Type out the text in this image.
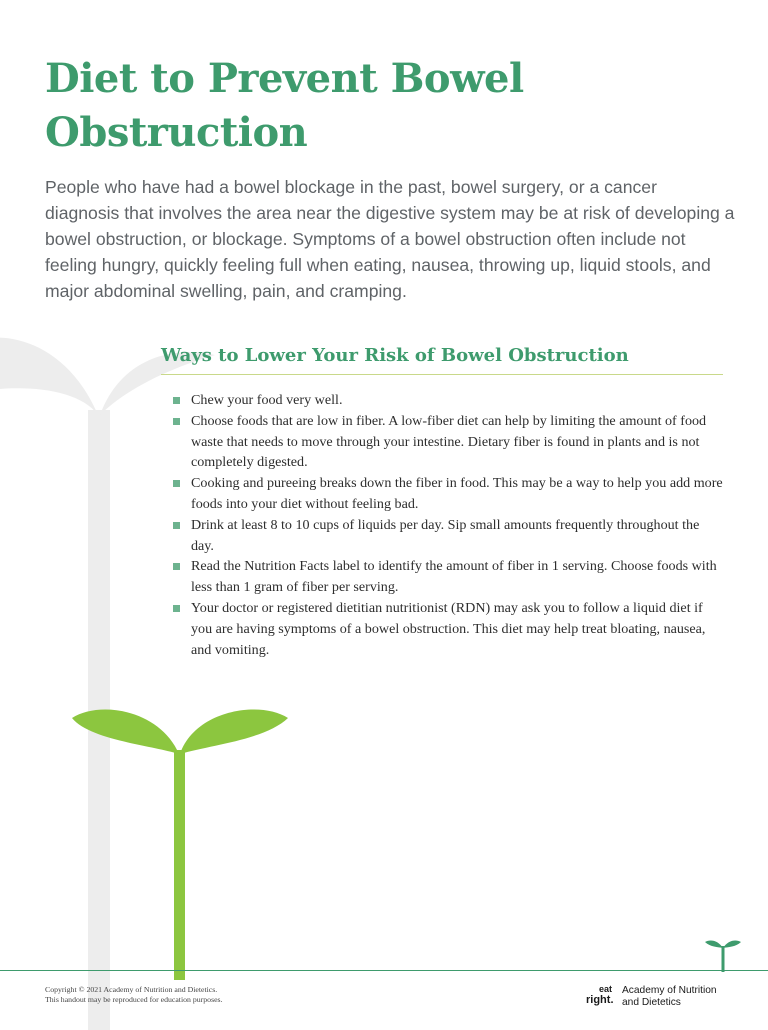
Diet to Prevent Bowel Obstruction

People who have had a bowel blockage in the past, bowel surgery, or a cancer diagnosis that involves the area near the digestive system may be at risk of developing a bowel obstruction, or blockage. Symptoms of a bowel obstruction often include not feeling hungry, quickly feeling full when eating, nausea, throwing up, liquid stools, and major abdominal swelling, pain, and cramping.

Ways to Lower Your Risk of Bowel Obstruction
Chew your food very well.
Choose foods that are low in fiber. A low-fiber diet can help by limiting the amount of food waste that needs to move through your intestine. Dietary fiber is found in plants and is not completely digested.
Cooking and pureeing breaks down the fiber in food. This may be a way to help you add more foods into your diet without feeling bad.
Drink at least 8 to 10 cups of liquids per day. Sip small amounts frequently throughout the day.
Read the Nutrition Facts label to identify the amount of fiber in 1 serving. Choose foods with less than 1 gram of fiber per serving.
Your doctor or registered dietitian nutritionist (RDN) may ask you to follow a liquid diet if you are having symptoms of a bowel obstruction. This diet may help treat bloating, nausea, and vomiting.
Copyright © 2021 Academy of Nutrition and Dietetics.
This handout may be reproduced for education purposes.
eat
right.
Academy of Nutrition
and Dietetics
